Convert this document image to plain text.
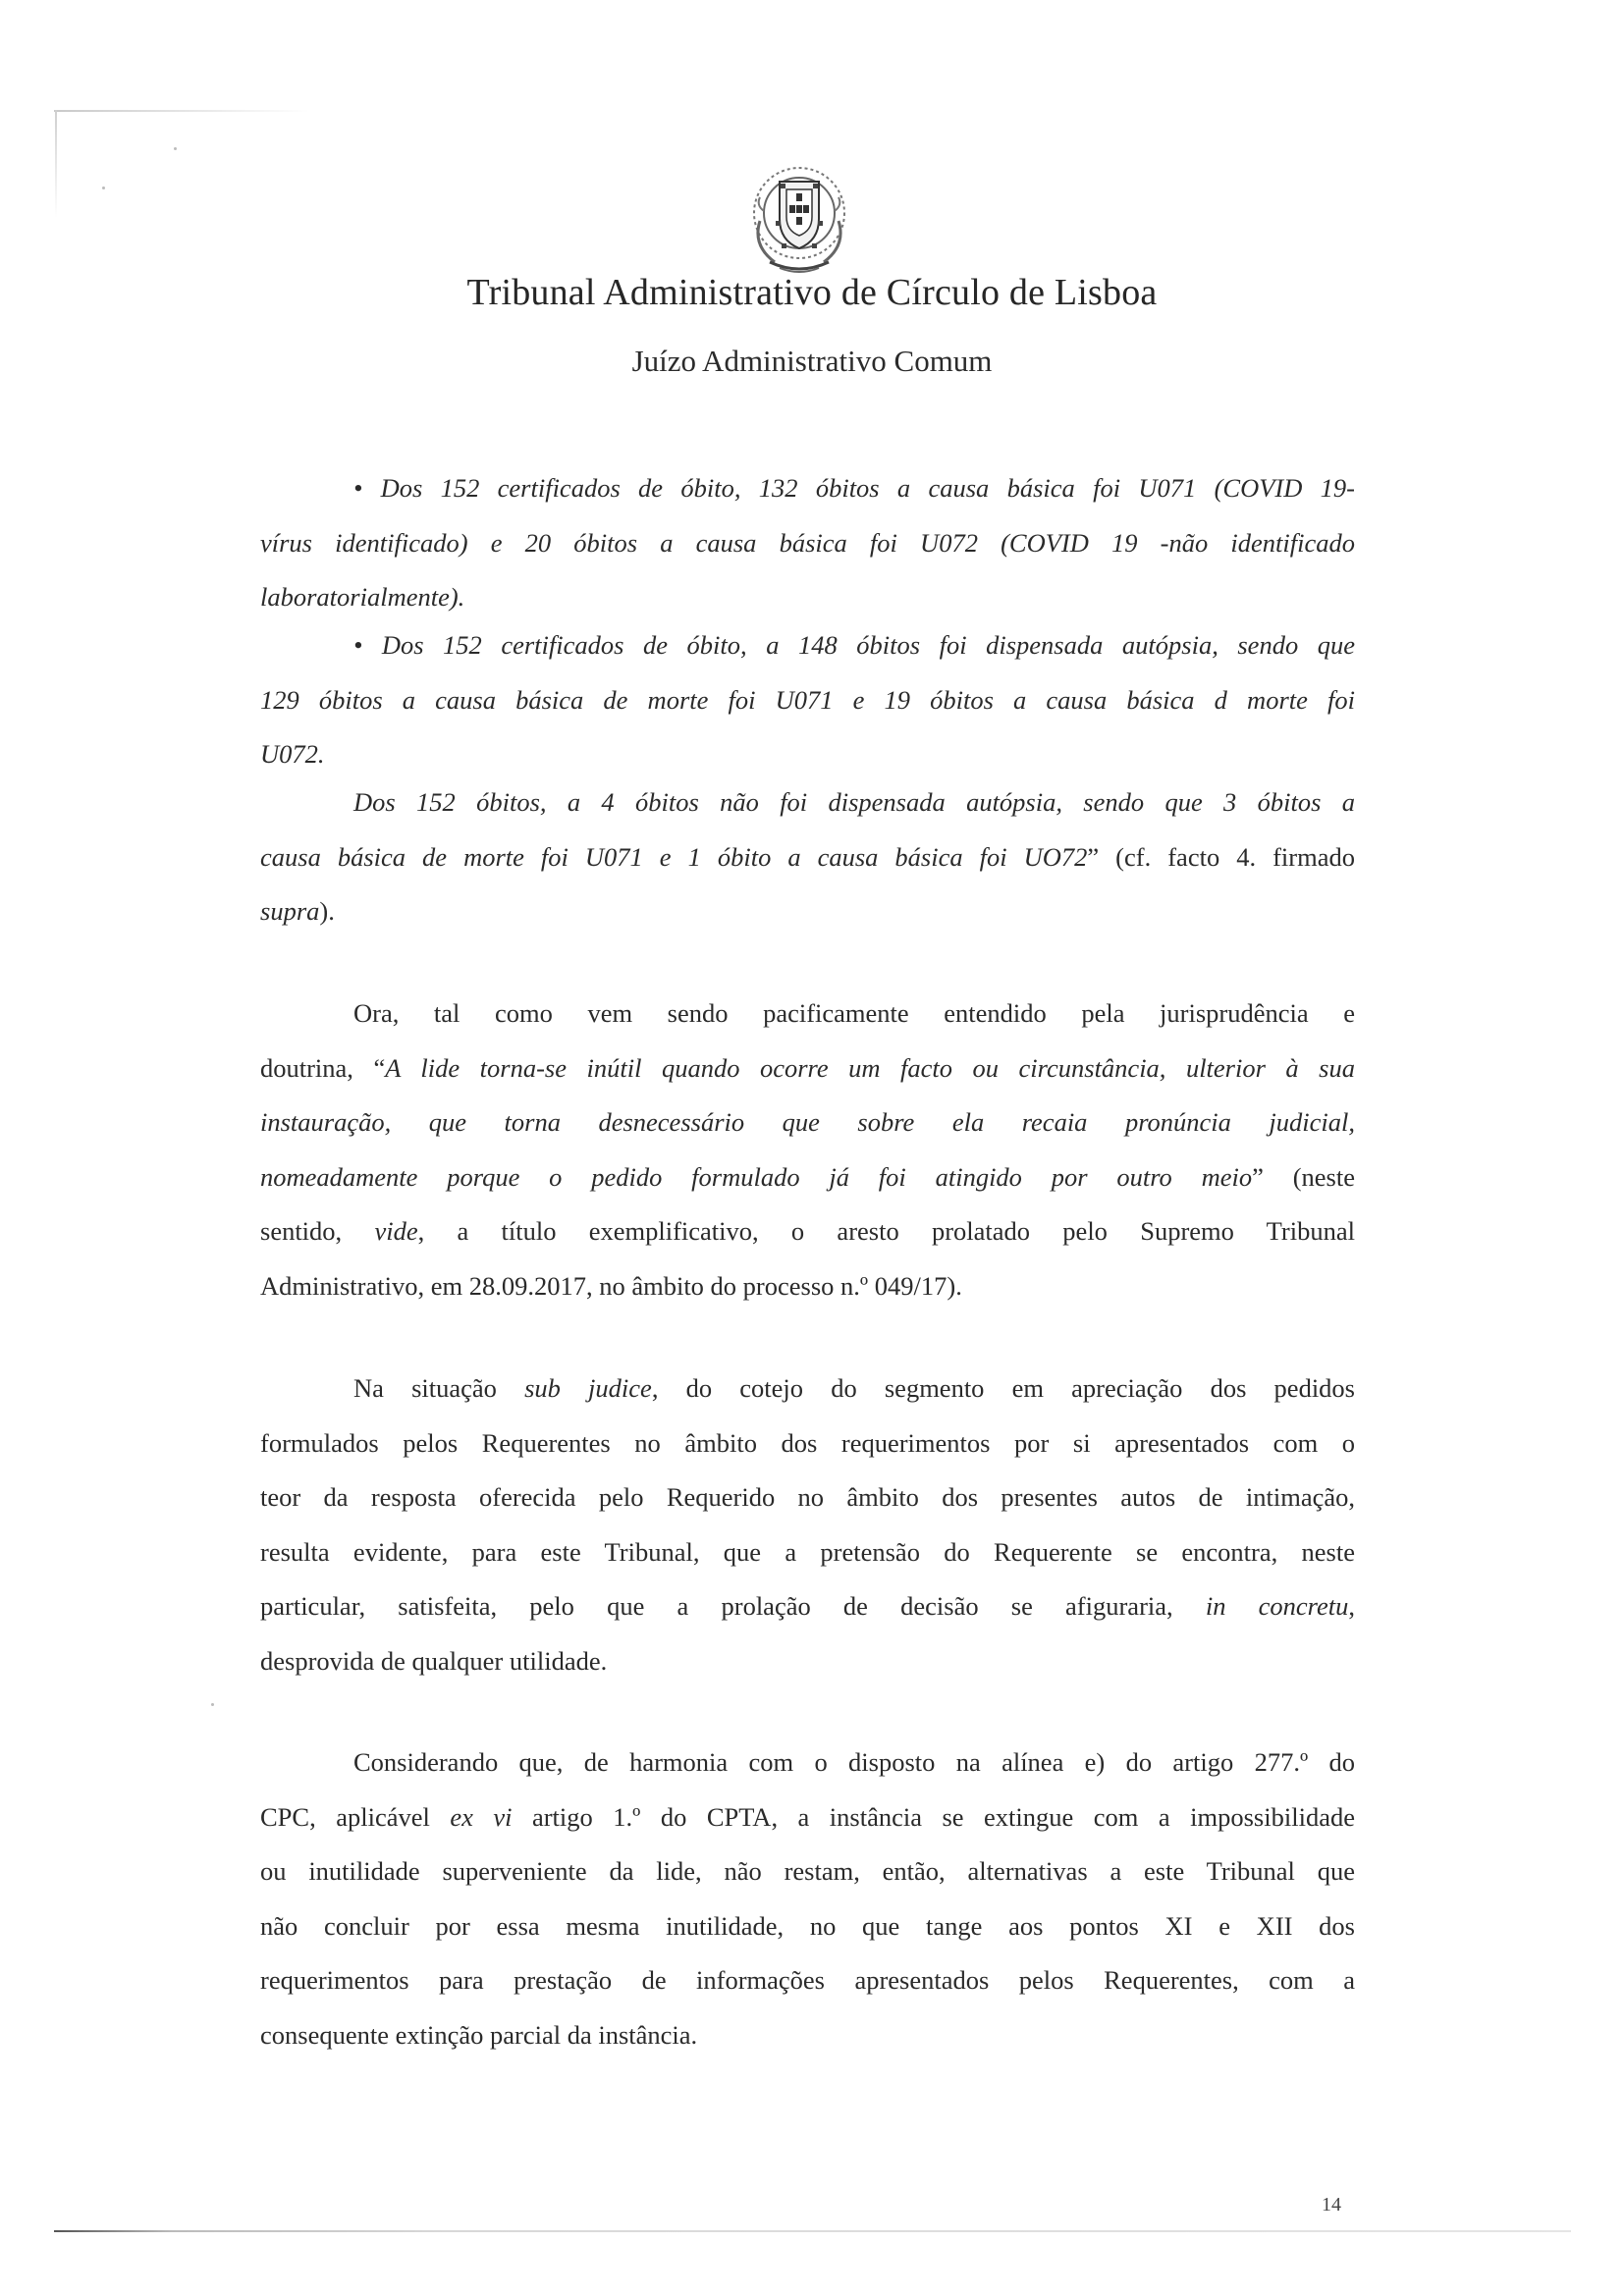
Tribunal Administrativo de Círculo de Lisboa
Juízo Administrativo Comum
• Dos 152 certificados de óbito, 132 óbitos a causa básica foi U071 (COVID 19-
vírus identificado) e 20 óbitos a causa básica foi U072 (COVID 19 -não identificado
laboratorialmente).
• Dos 152 certificados de óbito, a 148 óbitos foi dispensada autópsia, sendo que
129 óbitos a causa básica de morte foi U071 e 19 óbitos a causa básica d morte foi
U072.
Dos 152 óbitos, a 4 óbitos não foi dispensada autópsia, sendo que 3 óbitos a
causa básica de morte foi U071 e 1 óbito a causa básica foi UO72” (cf. facto 4. firmado
supra).
Ora, tal como vem sendo pacificamente entendido pela jurisprudência e
doutrina, “A lide torna-se inútil quando ocorre um facto ou circunstância, ulterior à sua
instauração, que torna desnecessário que sobre ela recaia pronúncia judicial,
nomeadamente porque o pedido formulado já foi atingido por outro meio” (neste
sentido, vide, a título exemplificativo, o aresto prolatado pelo Supremo Tribunal
Administrativo, em 28.09.2017, no âmbito do processo n.º 049/17).
Na situação sub judice, do cotejo do segmento em apreciação dos pedidos
formulados pelos Requerentes no âmbito dos requerimentos por si apresentados com o
teor da resposta oferecida pelo Requerido no âmbito dos presentes autos de intimação,
resulta evidente, para este Tribunal, que a pretensão do Requerente se encontra, neste
particular, satisfeita, pelo que a prolação de decisão se afiguraria, in concretu,
desprovida de qualquer utilidade.
Considerando que, de harmonia com o disposto na alínea e) do artigo 277.º do
CPC, aplicável ex vi artigo 1.º do CPTA, a instância se extingue com a impossibilidade
ou inutilidade superveniente da lide, não restam, então, alternativas a este Tribunal que
não concluir por essa mesma inutilidade, no que tange aos pontos XI e XII dos
requerimentos para prestação de informações apresentados pelos Requerentes, com a
consequente extinção parcial da instância.
14
